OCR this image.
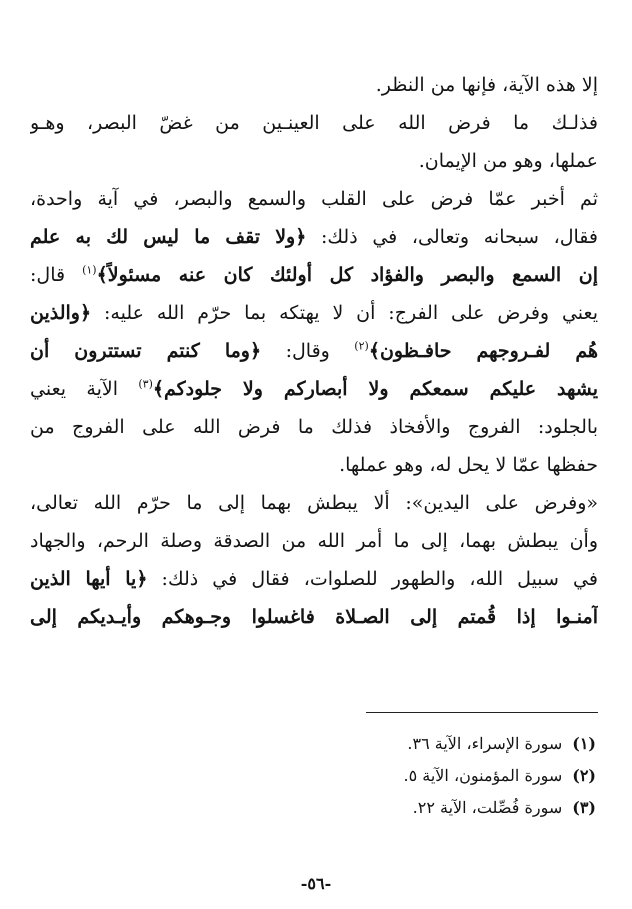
إلا هذه الآية، فإنها من النظر.
فذلـك ما فرض الله على العينـين من غضّ البصر، وهـو
عملها، وهو من الإيمان.
ثم أخبر عمّا فرض على القلب والسمع والبصر، في آية واحدة،
فقال، سبحانه وتعالى، في ذلك: ﴿ولا تقف ما ليس لك به علم
إن السمع والبصر والفؤاد كل أولئك كان عنه مسئولاً﴾$^{(١)}$ قال:
يعني وفرض على الفرج: أن لا يهتكه بما حرّم الله عليه: ﴿والذين
هُم لفـروجهم حافـظون﴾$^{(٢)}$ وقال: ﴿وما كنتم تستترون أن
يشهد عليكم سمعكم ولا أبصاركم ولا جلودكم﴾$^{(٣)}$ الآية يعني
بالجلود: الفروج والأفخاذ فذلك ما فرض الله على الفروج من
حفظها عمّا لا يحل له، وهو عملها.
«وفرض على اليدين»: ألا يبطش بهما إلى ما حرّم الله تعالى،
وأن يبطش بهما، إلى ما أمر الله من الصدقة وصلة الرحم، والجهاد
في سبيل الله، والطهور للصلوات، فقال في ذلك: ﴿يا أيها الذين
آمنـوا إذا قُمتم إلى الصـلاة فاغسلوا وجـوهكم وأيـديكم إلى
(١)سورة الإسراء، الآية ٣٦.
(٢)سورة المؤمنون، الآية ٥.
(٣)سورة فُصِّلت، الآية ٢٢.
-٥٦-
